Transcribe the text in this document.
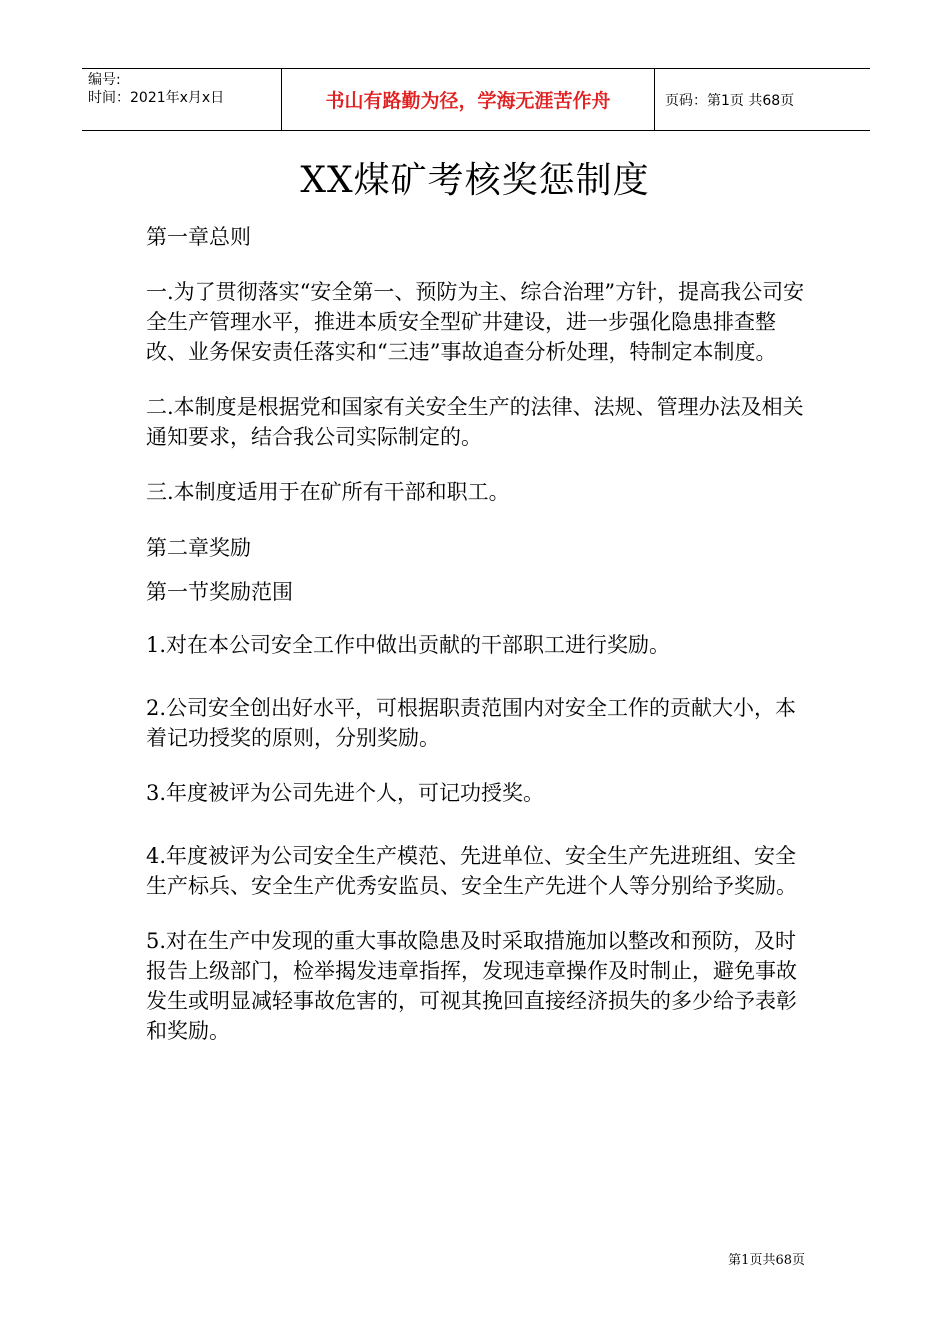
编号:
时间：2021年x月x日	书山有路勤为径，学海无涯苦作舟	页码：第1页 共68页
XX煤矿考核奖惩制度

第一章总则

一.为了贯彻落实“安全第一、预防为主、综合治理”方针，提高我公司安全生产管理水平，推进本质安全型矿井建设，进一步强化隐患排查整改、业务保安责任落实和“三违”事故追查分析处理，特制定本制度。

二.本制度是根据党和国家有关安全生产的法律、法规、管理办法及相关通知要求，结合我公司实际制定的。

三.本制度适用于在矿所有干部和职工。

第二章奖励

第一节奖励范围

1.对在本公司安全工作中做出贡献的干部职工进行奖励。

2.公司安全创出好水平，可根据职责范围内对安全工作的贡献大小，本着记功授奖的原则，分别奖励。

3.年度被评为公司先进个人，可记功授奖。

4.年度被评为公司安全生产模范、先进单位、安全生产先进班组、安全生产标兵、安全生产优秀安监员、安全生产先进个人等分别给予奖励。

5.对在生产中发现的重大事故隐患及时采取措施加以整改和预防，及时报告上级部门，检举揭发违章指挥，发现违章操作及时制止，避免事故发生或明显减轻事故危害的，可视其挽回直接经济损失的多少给予表彰和奖励。

第1页共68页
